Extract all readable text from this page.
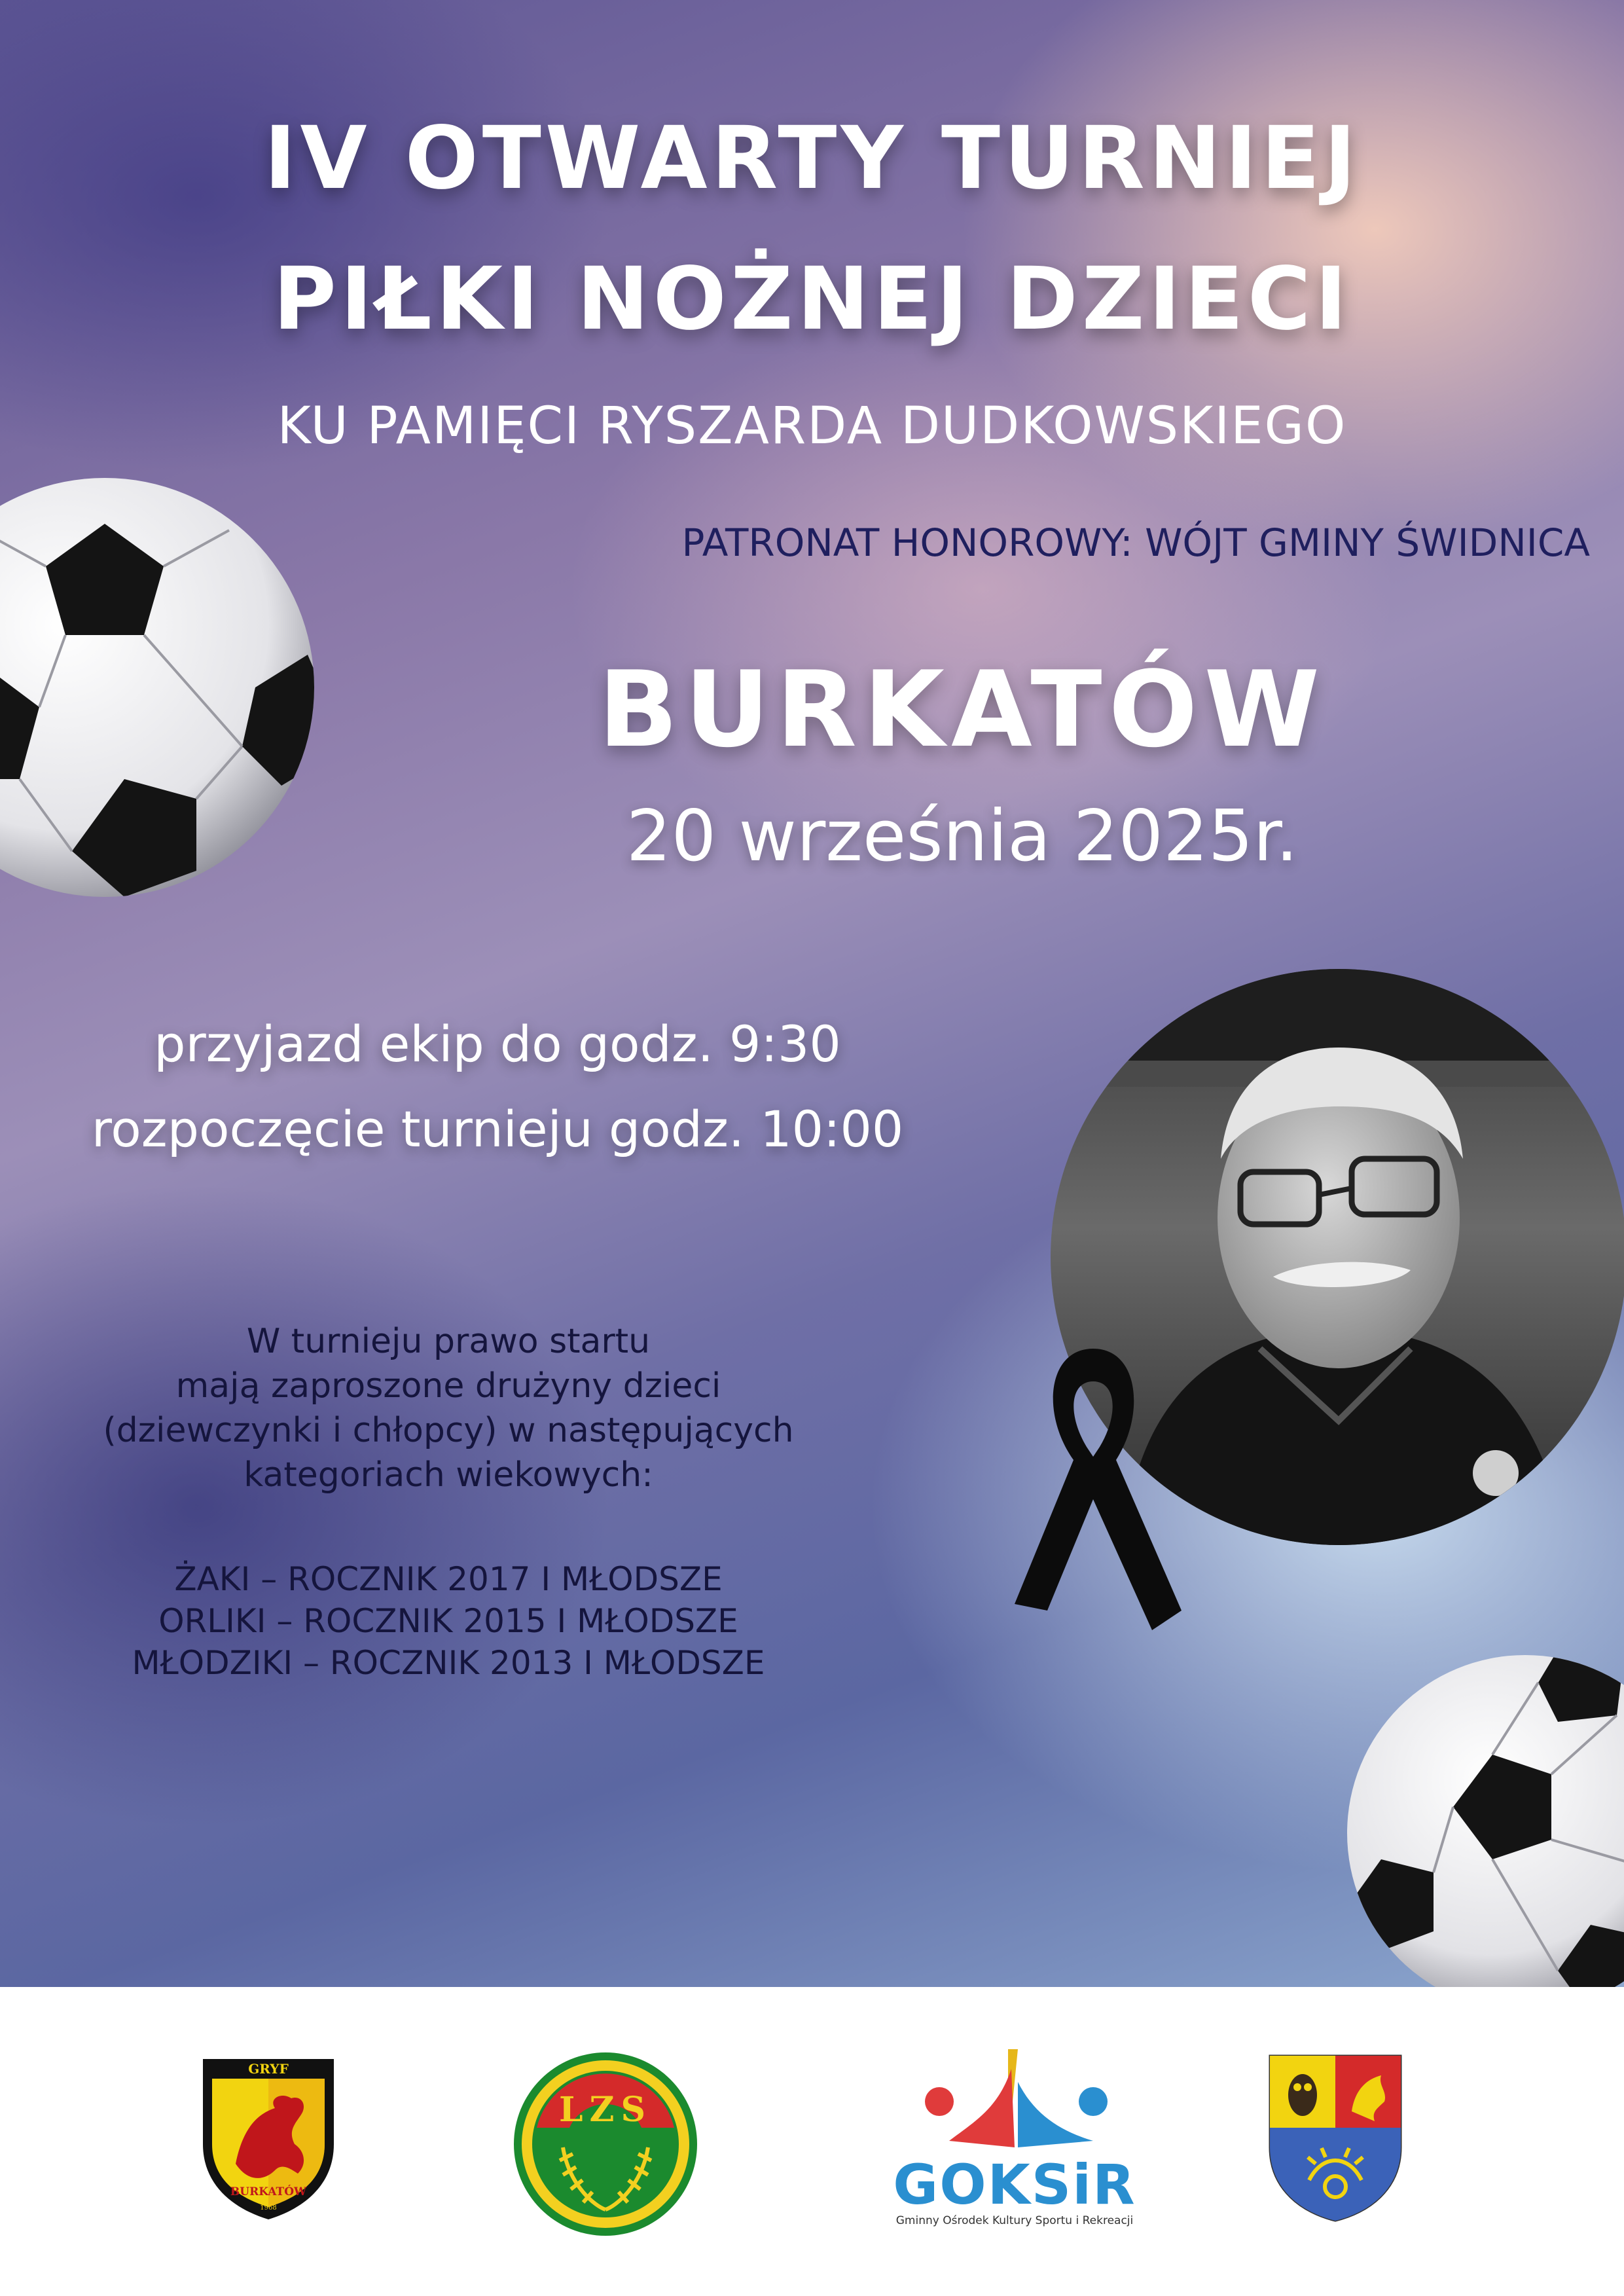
IV OTWARTY TURNIEJ
PIŁKI NOŻNEJ DZIECI
KU PAMIĘCI RYSZARDA DUDKOWSKIEGO
PATRONAT HONOROWY: WÓJT GMINY ŚWIDNICA
BURKATÓW
20 września 2025r.
przyjazd ekip do godz. 9:30
rozpoczęcie turnieju godz. 10:00
W turnieju prawo startu
mają zaproszone drużyny dzieci
(dziewczynki i chłopcy) w następujących
kategoriach wiekowych:
ŻAKI – ROCZNIK 2017 I MŁODSZE
ORLIKI – ROCZNIK 2015 I MŁODSZE
MŁODZIKI – ROCZNIK 2013 I MŁODSZE
GRYF
BURKATÓW
1968
LZS
GOKSiR
Gminny Ośrodek Kultury Sportu i Rekreacji
